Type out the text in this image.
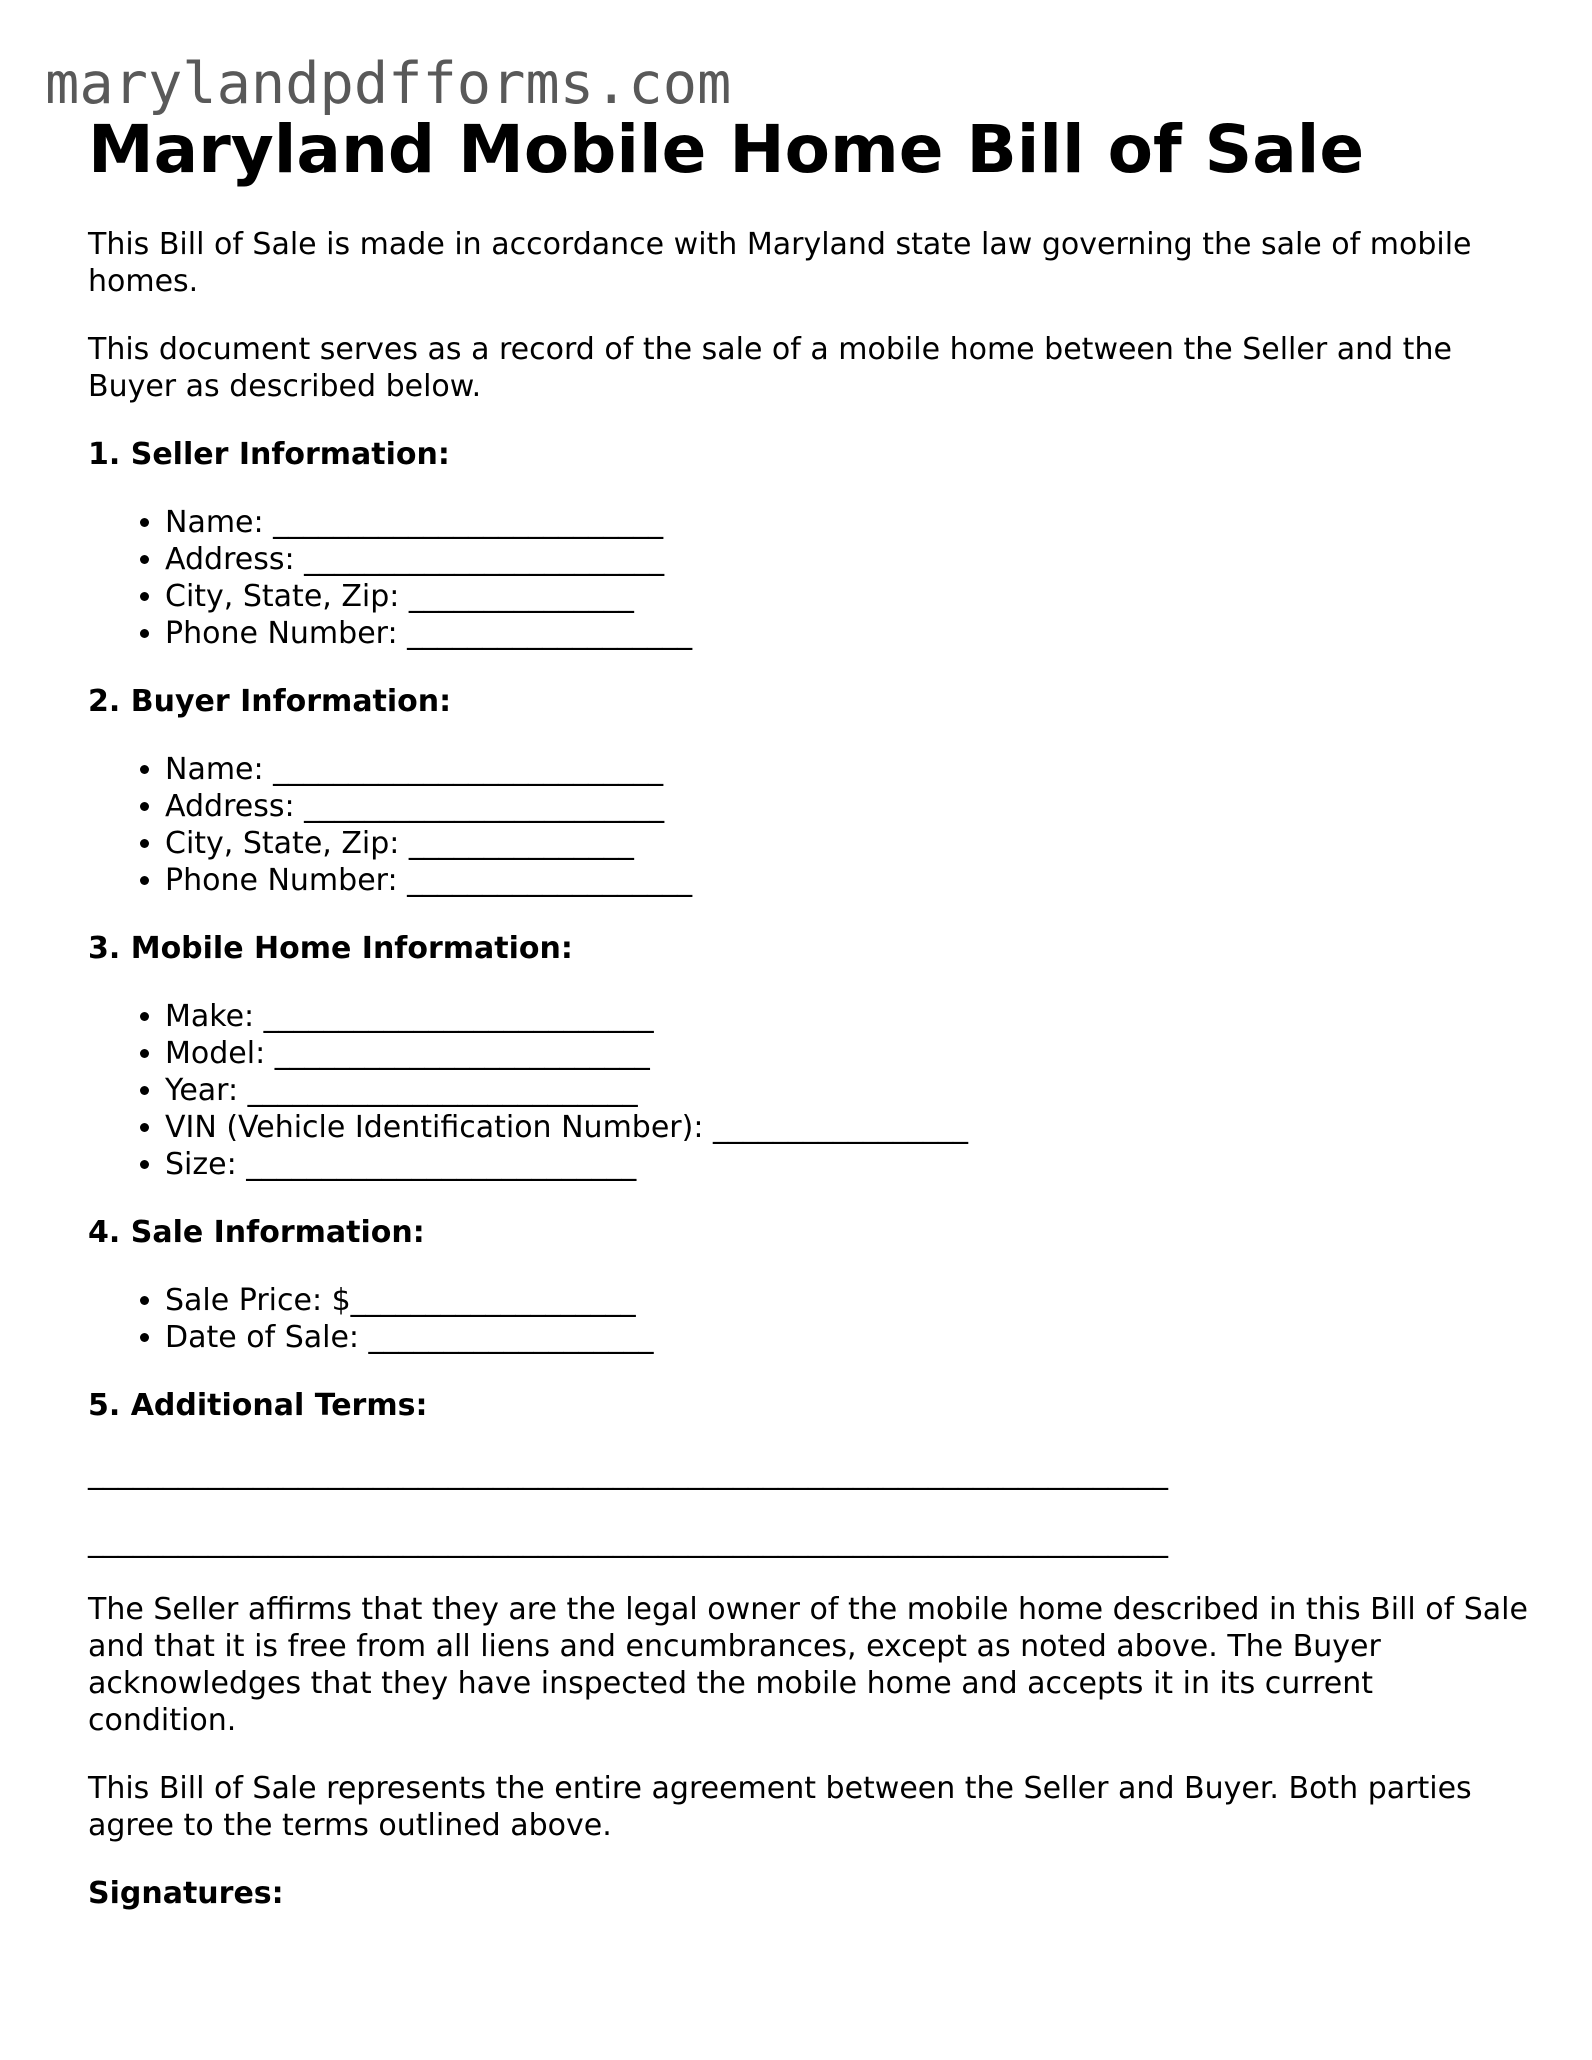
marylandpdfforms.com
Maryland Mobile Home Bill of Sale

This Bill of Sale is made in accordance with Maryland state law governing the sale of mobile homes.

This document serves as a record of the sale of a mobile home between the Seller and the Buyer as described below.

1. Seller Information:
• Name: __________________________
• Address: ________________________
• City, State, Zip: _______________
• Phone Number: ___________________
2. Buyer Information:
• Name: __________________________
• Address: ________________________
• City, State, Zip: _______________
• Phone Number: ___________________
3. Mobile Home Information:
• Make: __________________________
• Model: _________________________
• Year: __________________________
• VIN (Vehicle Identification Number): _________________
• Size: __________________________
4. Sale Information:
• Sale Price: $___________________
• Date of Sale: ___________________
5. Additional Terms:
________________________________________________________________________
________________________________________________________________________

The Seller affirms that they are the legal owner of the mobile home described in this Bill of Sale and that it is free from all liens and encumbrances, except as noted above. The Buyer acknowledges that they have inspected the mobile home and accepts it in its current condition.

This Bill of Sale represents the entire agreement between the Seller and Buyer. Both parties agree to the terms outlined above.

Signatures:
